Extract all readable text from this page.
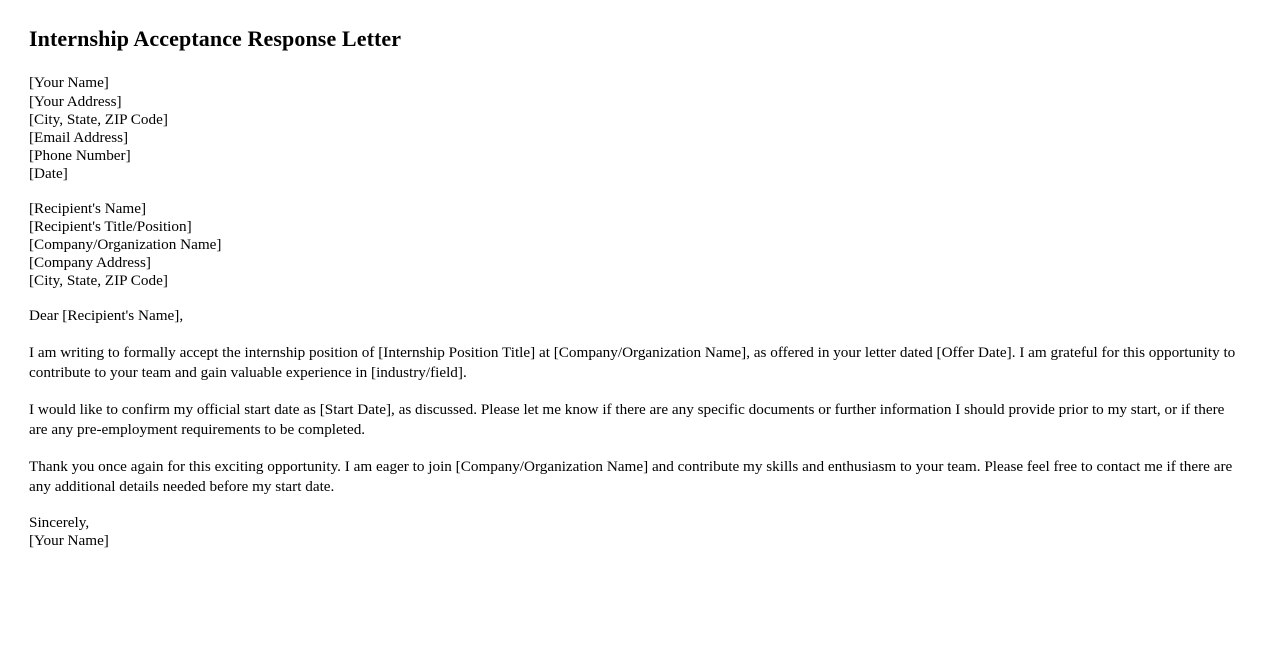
Internship Acceptance Response Letter
[Your Name]
[Your Address]
[City, State, ZIP Code]
[Email Address]
[Phone Number]
[Date]
[Recipient's Name]
[Recipient's Title/Position]
[Company/Organization Name]
[Company Address]
[City, State, ZIP Code]
Dear [Recipient's Name],

I am writing to formally accept the internship position of [Internship Position Title] at [Company/Organization Name], as offered in your letter dated [Offer Date]. I am grateful for this opportunity to contribute to your team and gain valuable experience in [industry/field].

I would like to confirm my official start date as [Start Date], as discussed. Please let me know if there are any specific documents or further information I should provide prior to my start, or if there are any pre-employment requirements to be completed.

Thank you once again for this exciting opportunity. I am eager to join [Company/Organization Name] and contribute my skills and enthusiasm to your team. Please feel free to contact me if there are any additional details needed before my start date.

Sincerely,
[Your Name]
